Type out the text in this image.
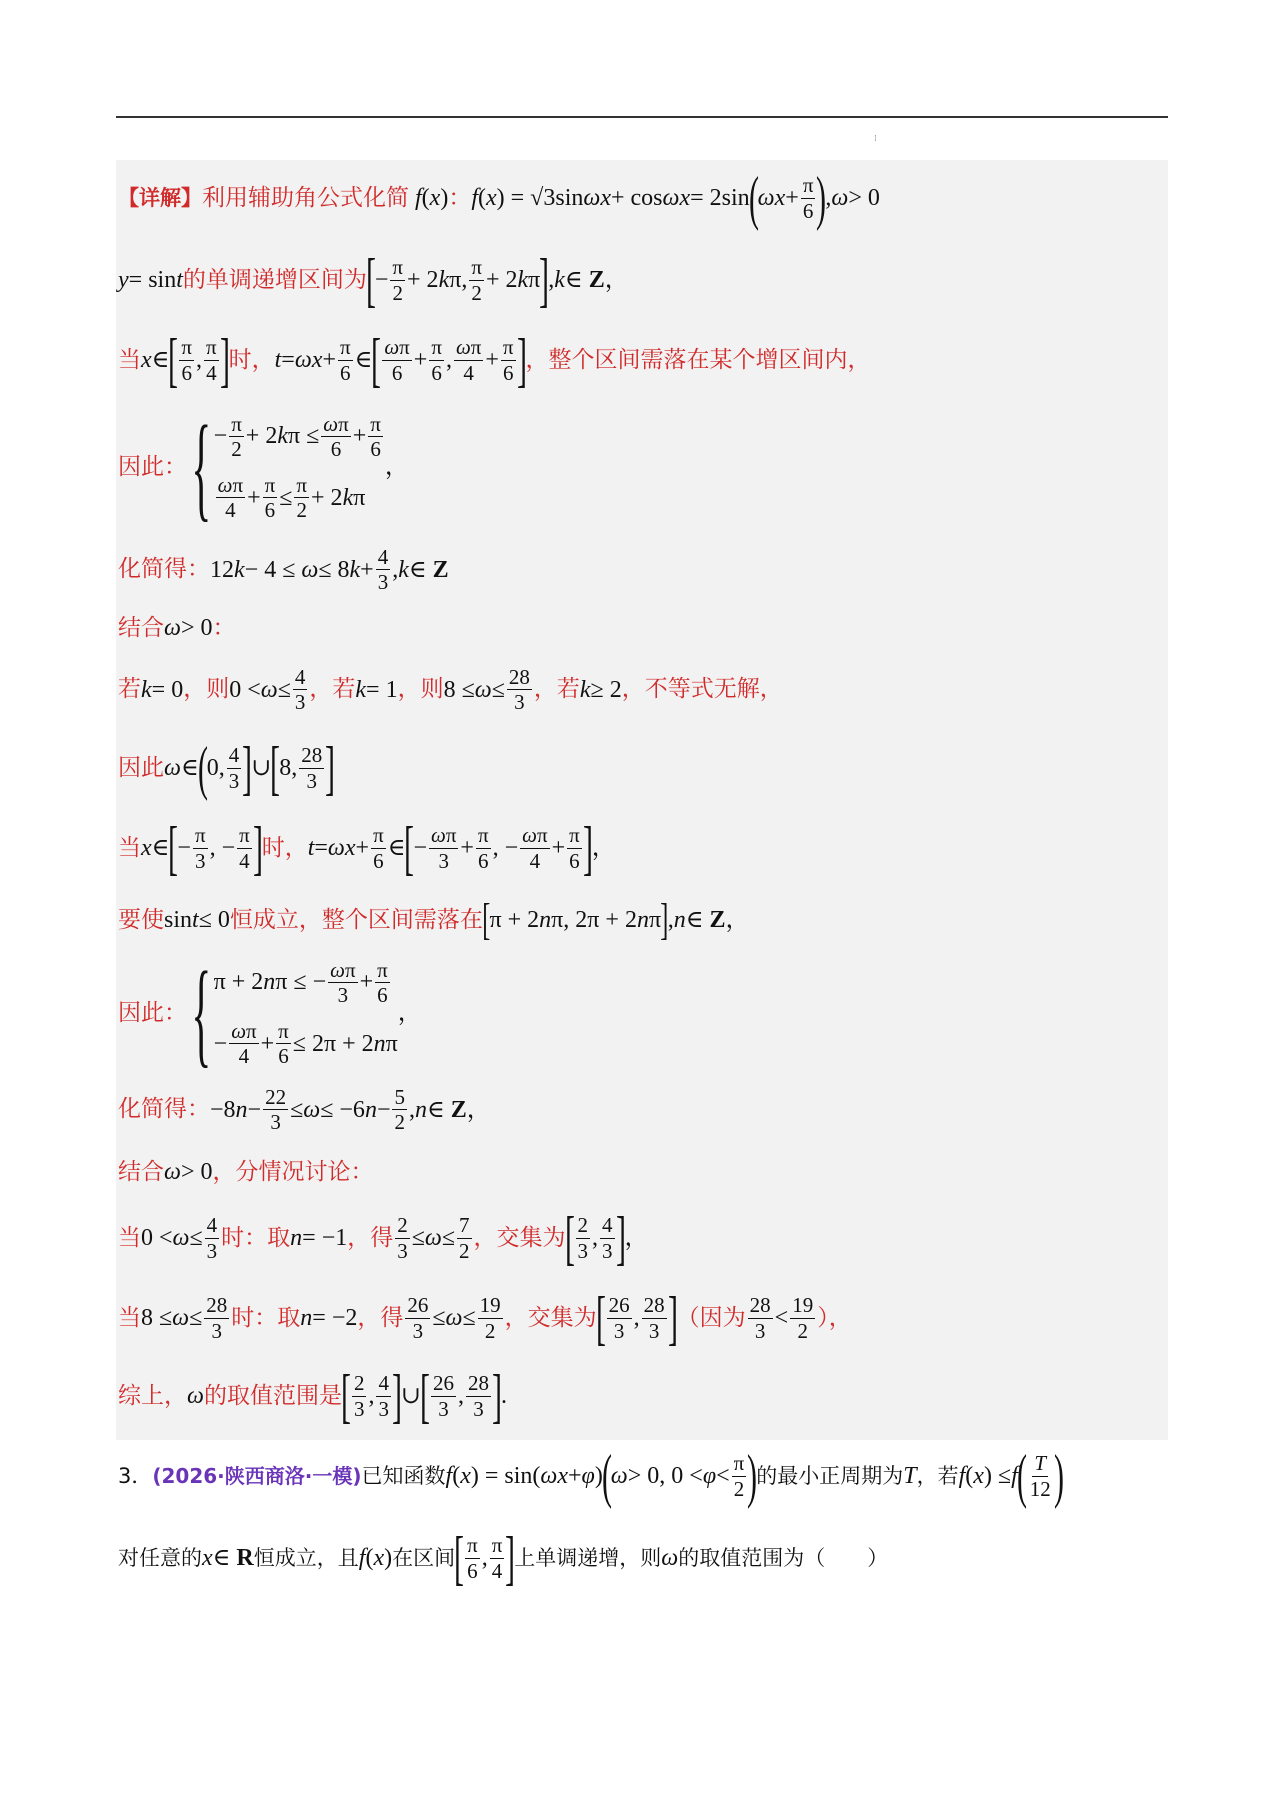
⁞
【详解】 利用辅助角公式化简 f ( x ) ： f ( x ) = √3sin ωx + cos ωx = 2sin
(
$\omega x + \frac{\pi}{6}$ )
, ω > 0
y = sin t 的单调递增区间为
[
− $\frac{\pi}{2} + 2$ k π, $\frac{\pi}{2} + 2$ k π
]
, k ∈ Z ，
当 x ∈
[ $\frac{\pi}{6}$ , $\frac{\pi}{4}$ ]
时， $t = \omega x + \frac{\pi}{6}$ ∈
[ $\frac{\omega\pi}{6} + \frac{\pi}{6}$ , $\frac{\omega\pi}{4} + \frac{\pi}{6}$ ]
，整个区间需落在某个增区间内，
因此： { − $\frac{\pi}{2} + 2$ k $\pi \le \frac{\omega\pi}{6} + \frac{\pi}{6}$
$\frac{\omega\pi}{4} + \frac{\pi}{6} \le \frac{\pi}{2} + 2$ k π
，
化简得： 12 k − 4 ≤ ω ≤ 8 $k + \frac{4}{3}$ , k ∈ Z
结合 ω > 0 ：
若 k = 0 ，则 $0 < \omega \le \frac{4}{3}$ ，若 k = 1 ，则 $8 \le \omega \le \frac{28}{3}$ ，若 k ≥ 2 ，不等式无解，
因此 ω ∈
(
0, $\frac{4}{3}$ ]
∪
[
8, $\frac{28}{3}$ ]
当 x ∈
[
− $\frac{\pi}{3}$ , − $\frac{\pi}{4}$ ]
时， $t = \omega x + \frac{\pi}{6}$ ∈
[
− $\frac{\omega\pi}{3} + \frac{\pi}{6}$ , − $\frac{\omega\pi}{4} + \frac{\pi}{6}$ ]
，
要使 sin t ≤ 0 恒成立，整个区间需落在 [ π + 2 n π, 2π + 2 n π ] , n ∈ Z ，
因此： { π + 2 n π ≤ − $\frac{\omega\pi}{3} + \frac{\pi}{6}$
− $\frac{\omega\pi}{4} + \frac{\pi}{6} \le 2\pi + 2$ n π
，
化简得： −8 $n - \frac{22}{3} \le \omega \le -6$ $n - \frac{5}{2}$ , n ∈ Z ，
结合 ω > 0 ，分情况讨论：
当 $0 < \omega \le \frac{4}{3}$ 时：取 n = −1 ，得 $\frac{2}{3} \le \omega \le \frac{7}{2}$ ，交集为
[ $\frac{2}{3}$ , $\frac{4}{3}$ ]
，
当 $8 \le \omega \le \frac{28}{3}$ 时：取 n = −2 ，得 $\frac{26}{3} \le \omega \le \frac{19}{2}$ ，交集为
[ $\frac{26}{3}$ , $\frac{28}{3}$ ]
（因为 $\frac{28}{3} < \frac{19}{2}$ ），
综上， ω 的取值范围是
[ $\frac{2}{3}$ , $\frac{4}{3}$ ]
∪
[ $\frac{26}{3}$ , $\frac{28}{3}$ ]
.
3． (2026·陕西商洛·一模) 已知函数 f ( x ) = sin( ωx + φ )
(
ω > 0, $0 < \varphi < \frac{\pi}{2}$ )
的最小正周期为 T ，若 f ( x ) ≤ f
( $\frac{T}{12}$ )
对任意的 x ∈ R 恒成立，且 f ( x ) 在区间
[ $\frac{\pi}{6}$ , $\frac{\pi}{4}$ ]
上单调递增，则 ω 的取值范围为（　　）
